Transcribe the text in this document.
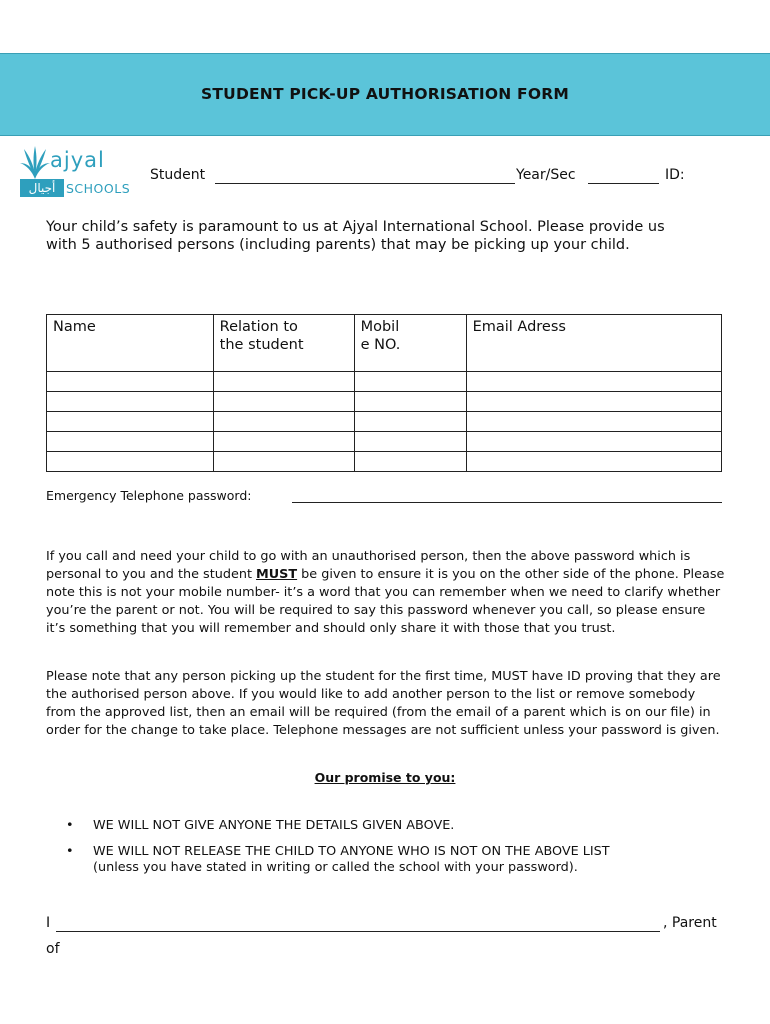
STUDENT PICK-UP AUTHORISATION FORM
ajyal
أجيال SCHOOLS
Student	Year/Sec	ID:
Your child’s safety is paramount to us at Ajyal International School. Please provide us with 5 authorised persons (including parents) that may be picking up your child.
Name	Relation to the student	Mobil e NO.	Email Adress

Emergency Telephone password:
If you call and need your child to go with an unauthorised person, then the above password which is personal to you and the student MUST be given to ensure it is you on the other side of the phone. Please note this is not your mobile number- it’s a word that you can remember when we need to clarify whether you’re the parent or not. You will be required to say this password whenever you call, so please ensure it’s something that you will remember and should only share it with those that you trust.
Please note that any person picking up the student for the first time, MUST have ID proving that they are the authorised person above. If you would like to add another person to the list or remove somebody from the approved list, then an email will be required (from the email of a parent which is on our file) in order for the change to take place. Telephone messages are not sufficient unless your password is given.
Our promise to you:
• WE WILL NOT GIVE ANYONE THE DETAILS GIVEN ABOVE.
• WE WILL NOT RELEASE THE CHILD TO ANYONE WHO IS NOT ON THE ABOVE LIST
(unless you have stated in writing or called the school with your password).
I	, Parent
of
